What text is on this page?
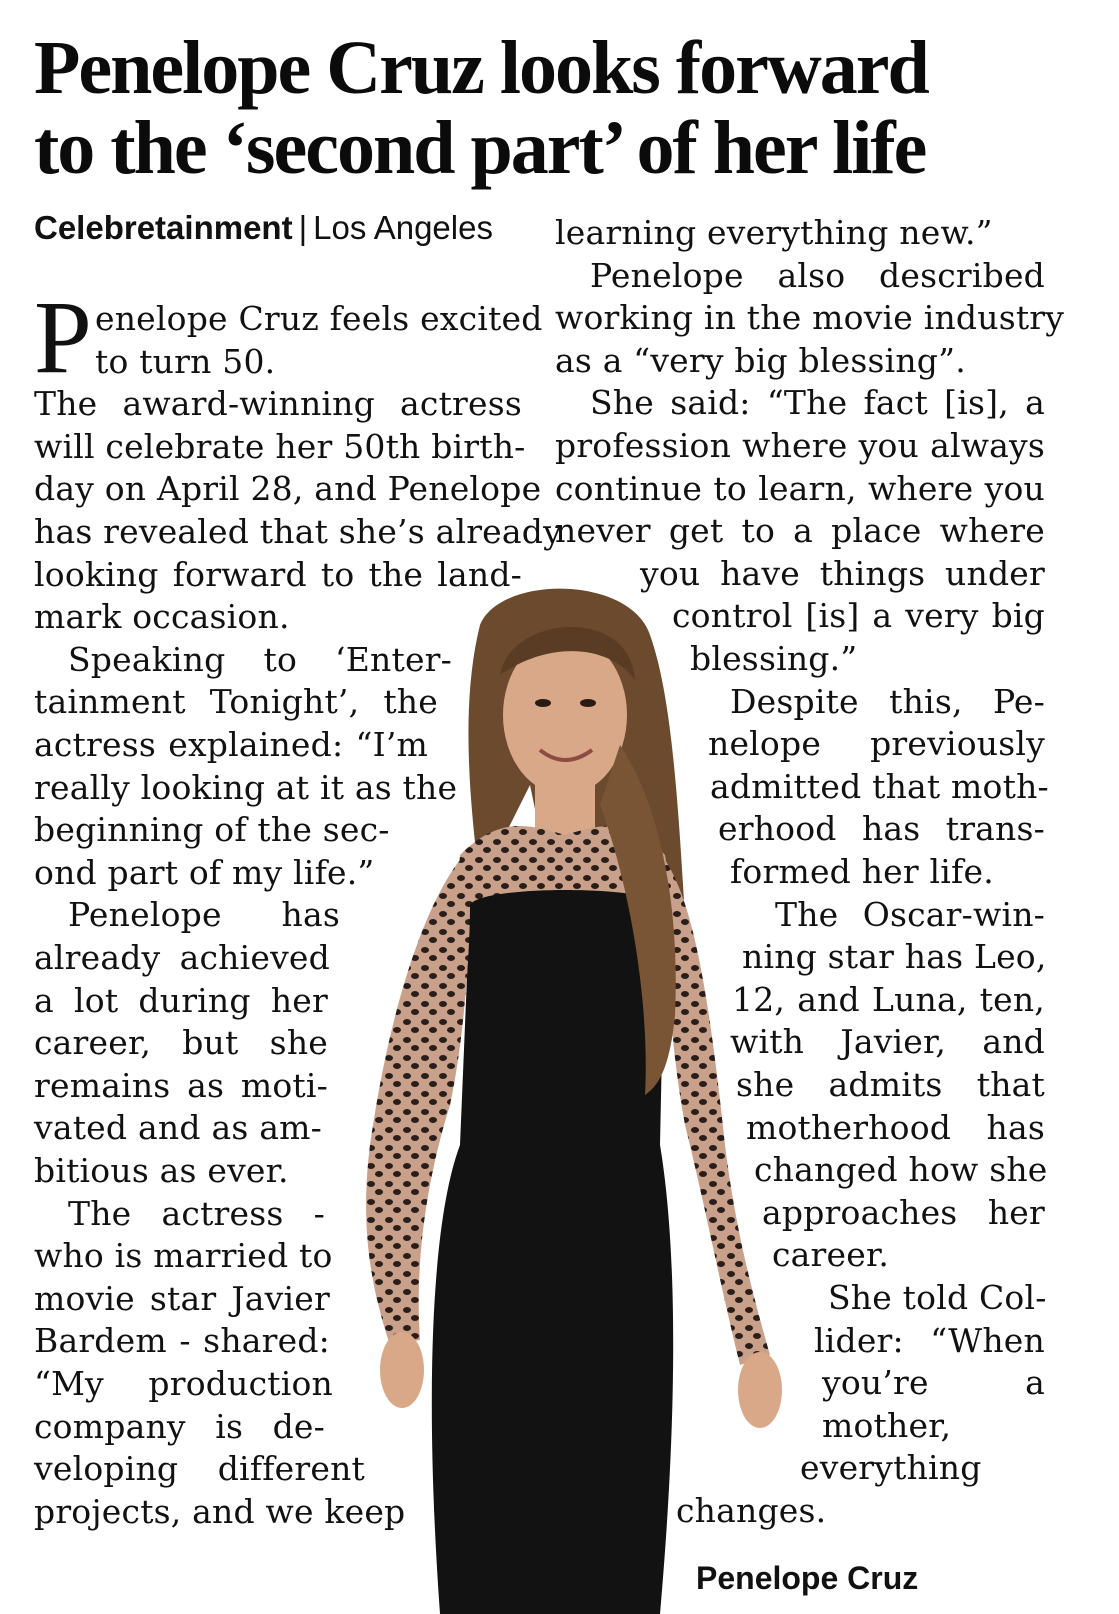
Penelope Cruz looks forward
to the ‘second part’ of her life
Celebretainment | Los Angeles
P enelope Cruz feels excited
to turn 50.
The award-winning actress
will celebrate her 50th birth-
day on April 28, and Penelope
has revealed that she’s already
looking forward to the land-
mark occasion.
Speaking to ‘Enter-
tainment Tonight’, the
actress explained: “I’m
really looking at it as the
beginning of the sec-
ond part of my life.”
Penelope has
already achieved
a lot during her
career, but she
remains as moti-
vated and as am-
bitious as ever.
The actress -
who is married to
movie star Javier
Bardem - shared:
“My production
company is de-
veloping different
projects, and we keep
learning everything new.”
Penelope also described
working in the movie industry
as a “very big blessing”.
She said: “The fact [is], a
profession where you always
continue to learn, where you
never get to a place where
you have things under
control [is] a very big
blessing.”
Despite this, Pe-
nelope previously
admitted that moth-
erhood has trans-
formed her life.
The Oscar-win-
ning star has Leo,
12, and Luna, ten,
with Javier, and
she admits that
motherhood has
changed how she
approaches her
career.
She told Col-
lider: “When
you’re a
mother,
everything
changes.
Penelope Cruz
